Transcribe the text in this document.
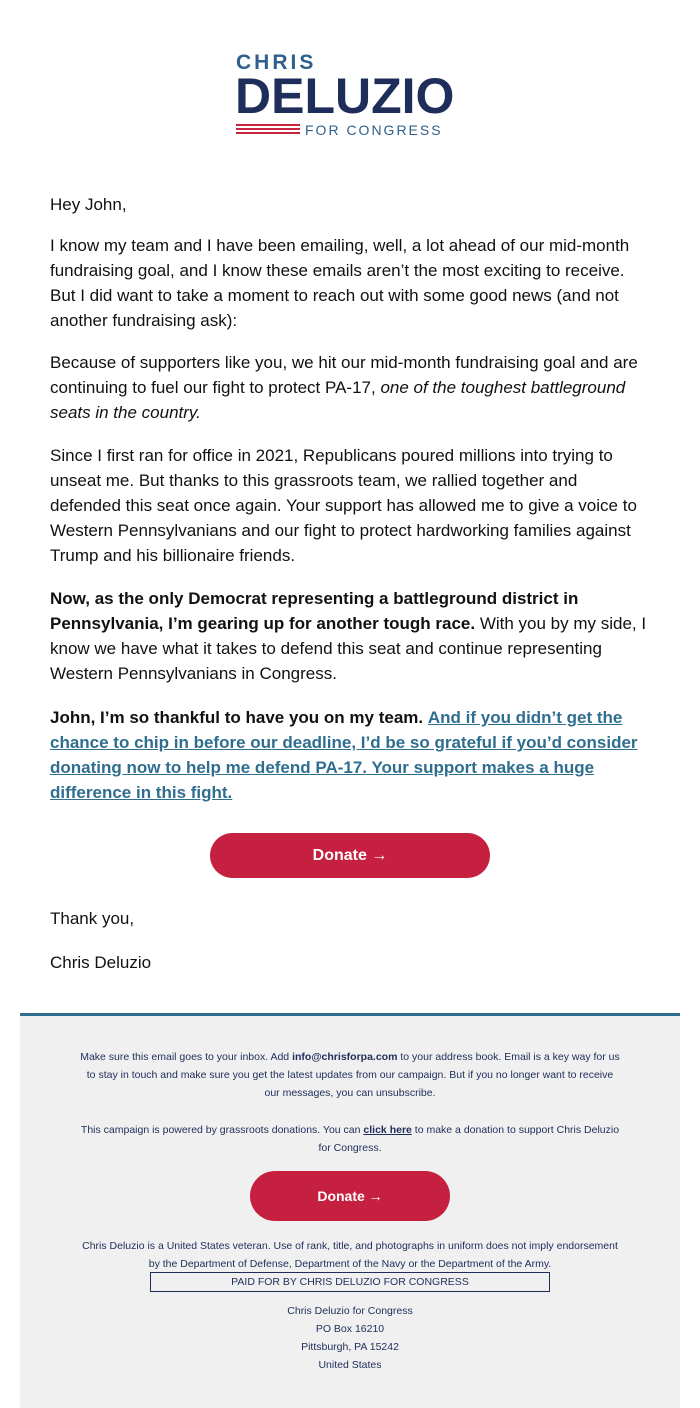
CHRIS
DELUZIO
FOR CONGRESS

Hey John,

I know my team and I have been emailing, well, a lot ahead of our mid-month fundraising goal, and I know these emails aren’t the most exciting to receive. But I did want to take a moment to reach out with some good news (and not another fundraising ask):

Because of supporters like you, we hit our mid-month fundraising goal and are continuing to fuel our fight to protect PA-17, one of the toughest battleground seats in the country.

Since I first ran for office in 2021, Republicans poured millions into trying to unseat me. But thanks to this grassroots team, we rallied together and defended this seat once again. Your support has allowed me to give a voice to Western Pennsylvanians and our fight to protect hardworking families against Trump and his billionaire friends.

Now, as the only Democrat representing a battleground district in Pennsylvania, I’m gearing up for another tough race. With you by my side, I know we have what it takes to defend this seat and continue representing Western Pennsylvanians in Congress.

John, I’m so thankful to have you on my team. And if you didn’t get the chance to chip in before our deadline, I’d be so grateful if you’d consider donating now to help me defend PA-17. Your support makes a huge difference in this fight.

Thank you,

Chris Deluzio

Donate →
Make sure this email goes to your inbox. Add info@chrisforpa.com to your address book. Email is a key way for us to stay in touch and make sure you get the latest updates from our campaign. But if you no longer want to receive our messages, you can unsubscribe.
This campaign is powered by grassroots donations. You can click here to make a donation to support Chris Deluzio for Congress.
Donate →
Chris Deluzio is a United States veteran. Use of rank, title, and photographs in uniform does not imply endorsement by the Department of Defense, Department of the Navy or the Department of the Army.
PAID FOR BY CHRIS DELUZIO FOR CONGRESS
Chris Deluzio for Congress
PO Box 16210
Pittsburgh, PA 15242
United States
